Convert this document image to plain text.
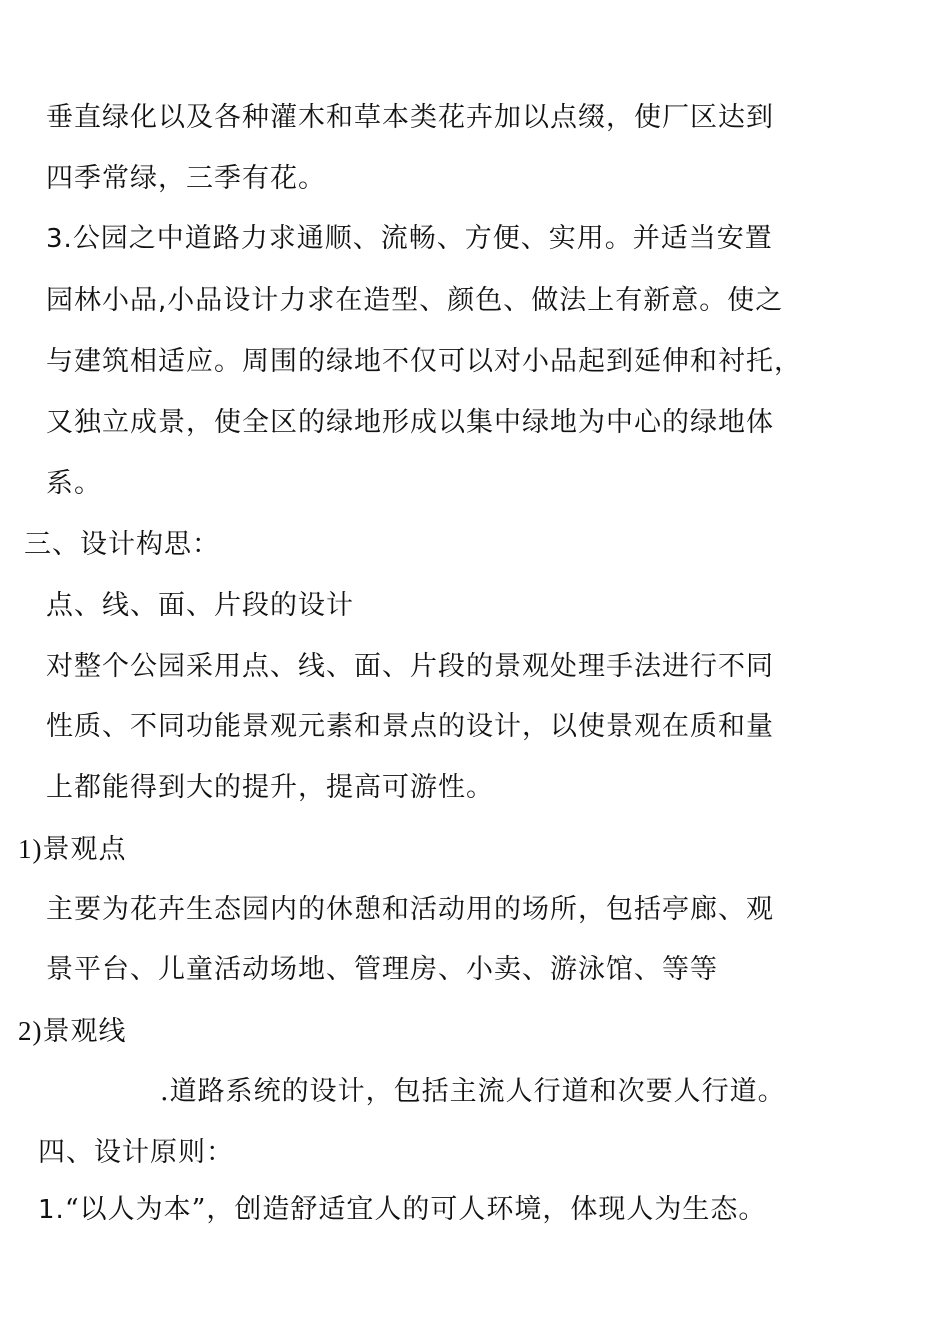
垂直绿化以及各种灌木和草本类花卉加以点缀，使厂区达到
四季常绿，三季有花。
3.公园之中道路力求通顺、流畅、方便、实用。并适当安置
园林小品,小品设计力求在造型、颜色、做法上有新意。使之
与建筑相适应。周围的绿地不仅可以对小品起到延伸和衬托，
又独立成景，使全区的绿地形成以集中绿地为中心的绿地体
系。
三、设计构思：
点、线、面、片段的设计
对整个公园采用点、线、面、片段的景观处理手法进行不同
性质、不同功能景观元素和景点的设计，以使景观在质和量
上都能得到大的提升，提高可游性。
1)景观点
主要为花卉生态园内的休憩和活动用的场所，包括亭廊、观
景平台、儿童活动场地、管理房、小卖、游泳馆、等等
2)景观线
.道路系统的设计，包括主流人行道和次要人行道。
四、设计原则：
1.“以人为本”，创造舒适宜人的可人环境，体现人为生态。
